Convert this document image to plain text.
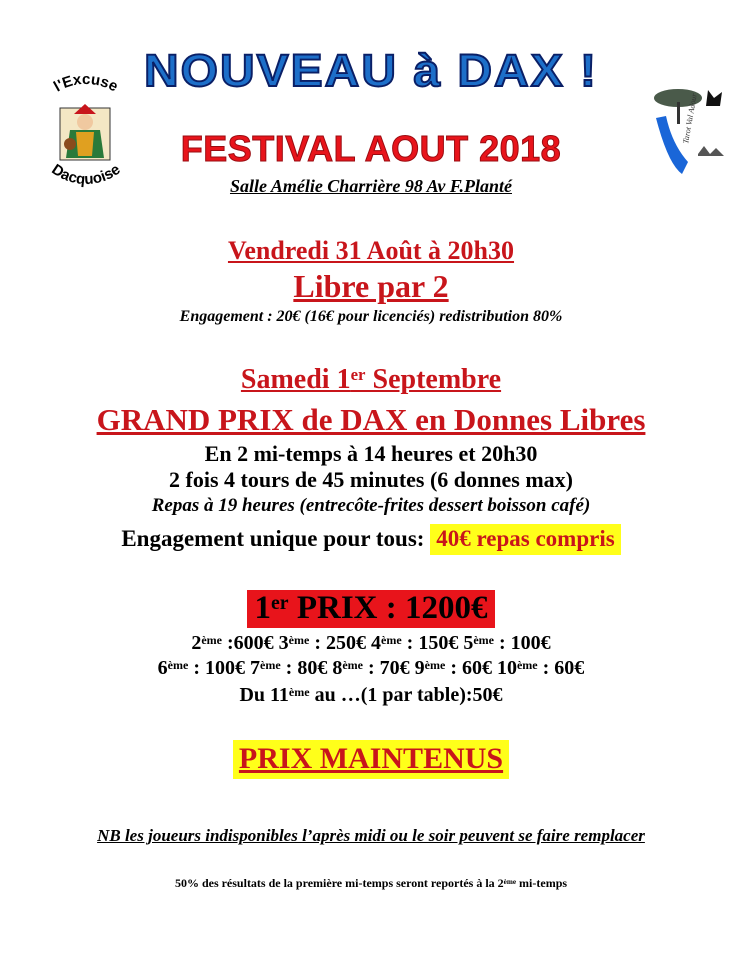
l'Excuse
Dacquoise
Tarot Val Adour
NOUVEAU à DAX !
FESTIVAL AOUT 2018
Salle Amélie Charrière 98 Av F.Planté
Vendredi 31 Août à 20h30
Libre par 2
Engagement : 20€ (16€ pour licenciés) redistribution 80%
Samedi 1er Septembre
GRAND PRIX de DAX en Donnes Libres
En 2 mi-temps à 14 heures et 20h30
2 fois 4 tours de 45 minutes (6 donnes max)
Repas à 19 heures (entrecôte-frites dessert boisson café)
Engagement unique pour tous: 40€ repas compris
1er PRIX : 1200€
2ème :600€ 3ème : 250€ 4ème : 150€ 5ème : 100€
6ème : 100€ 7ème : 80€ 8ème : 70€ 9ème : 60€ 10ème : 60€
Du 11ème au …(1 par table):50€
PRIX MAINTENUS
NB les joueurs indisponibles l’après midi ou le soir peuvent se faire remplacer
50% des résultats de la première mi-temps seront reportés à la 2ème mi-temps
